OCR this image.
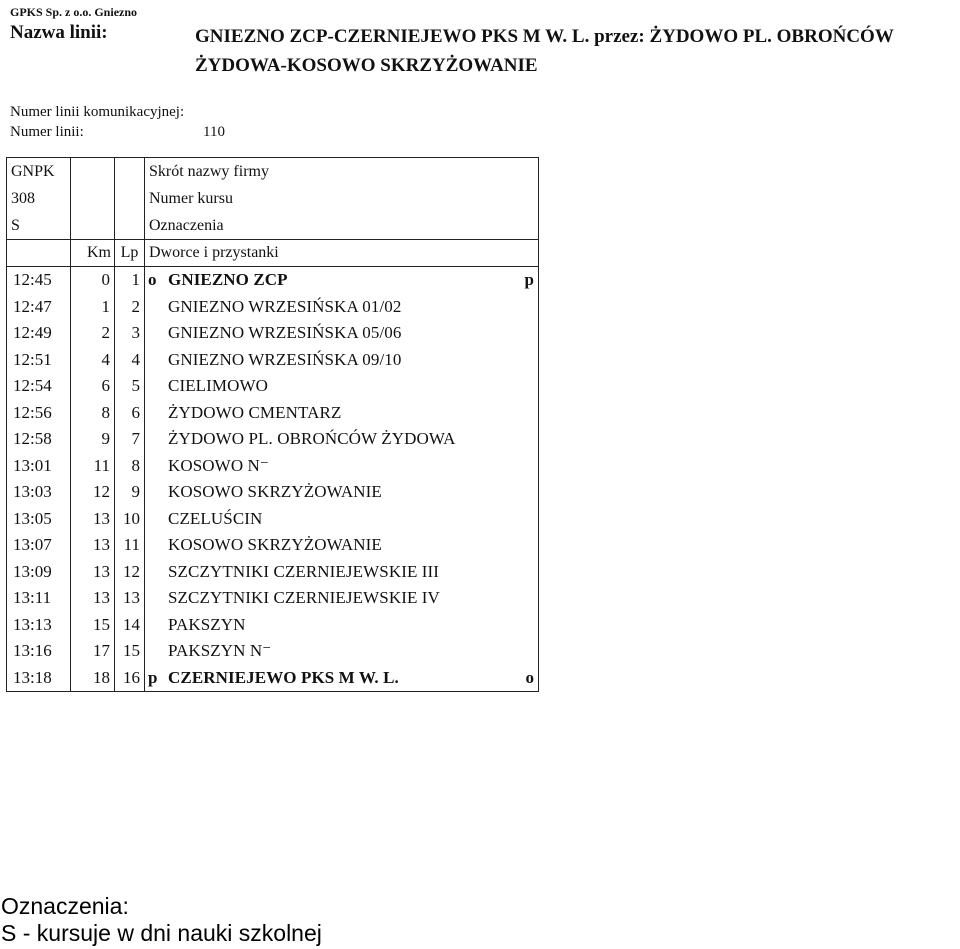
GPKS Sp. z o.o. Gniezno
Nazwa linii:	GNIEZNO ZCP-CZERNIEJEWO PKS M W. L. przez: ŻYDOWO PL. OBROŃCÓW
ŻYDOWA-KOSOWO SKRZYŻOWANIE
Numer linii komunikacyjnej:
Numer linii:	110
GNPK			Skrót nazwy firmy
308			Numer kursu
S			Oznaczenia
	Km	Lp	Dworce i przystanki
12:45	0	1	o GNIEZNO ZCP p

12:47	1	2	GNIEZNO WRZESIŃSKA 01/02

12:49	2	3	GNIEZNO WRZESIŃSKA 05/06

12:51	4	4	GNIEZNO WRZESIŃSKA 09/10

12:54	6	5	CIELIMOWO

12:56	8	6	ŻYDOWO CMENTARZ

12:58	9	7	ŻYDOWO PL. OBROŃCÓW ŻYDOWA

13:01	11	8	KOSOWO N⁻

13:03	12	9	KOSOWO SKRZYŻOWANIE

13:05	13	10	CZELUŚCIN

13:07	13	11	KOSOWO SKRZYŻOWANIE

13:09	13	12	SZCZYTNIKI CZERNIEJEWSKIE III

13:11	13	13	SZCZYTNIKI CZERNIEJEWSKIE IV

13:13	15	14	PAKSZYN

13:16	17	15	PAKSZYN N⁻

13:18	18	16	p CZERNIEJEWO PKS M W. L. o
Oznaczenia:
S - kursuje w dni nauki szkolnej
